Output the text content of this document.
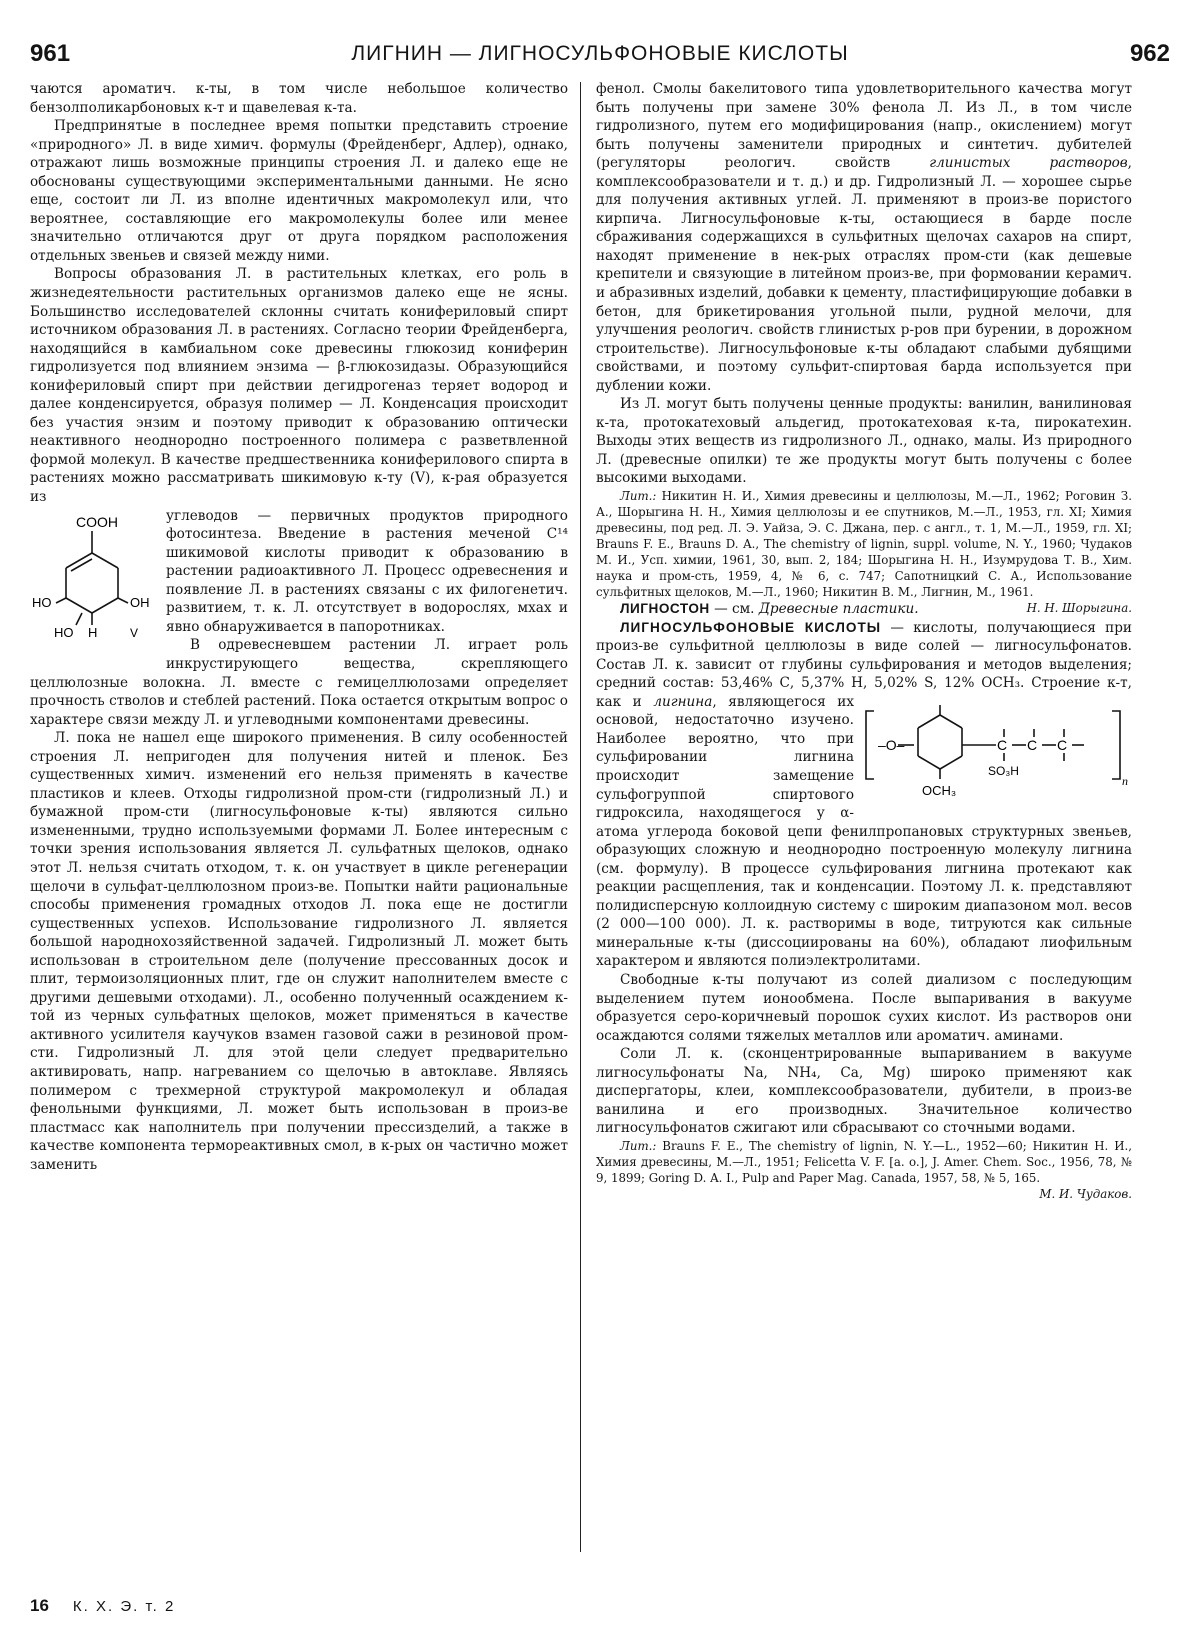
961	ЛИГНИН — ЛИГНОСУЛЬФОНОВЫЕ КИСЛОТЫ	962

чаются ароматич. к-ты, в том числе небольшое количество бензолполикарбоновых к-т и щавелевая к-та.

Предпринятые в последнее время попытки представить строение «природного» Л. в виде химич. формулы (Фрейденберг, Адлер), однако, отражают лишь возможные принципы строения Л. и далеко еще не обоснованы существующими экспериментальными данными. Не ясно еще, состоит ли Л. из вполне идентичных макромолекул или, что вероятнее, составляющие его макромолекулы более или менее значительно отличаются друг от друга порядком расположения отдельных звеньев и связей между ними.

Вопросы образования Л. в растительных клетках, его роль в жизнедеятельности растительных организмов далеко еще не ясны. Большинство исследователей склонны считать конифериловый спирт источником образования Л. в растениях. Согласно теории Фрейденберга, находящийся в камбиальном соке древесины глюкозид кониферин гидролизуется под влиянием энзима — β-глюкозидазы. Образующийся конифериловый спирт при действии дегидрогеназ теряет водород и далее конденсируется, образуя полимер — Л. Конденсация происходит без участия энзим и поэтому приводит к образованию оптически неактивного неоднородно построенного полимера с разветвленной формой молекул. В качестве предшественника кониферилового спирта в растениях можно рассматривать шикимовую к-ту (V), к-рая образуется из

COOH
HO	OH
HO H	V

углеводов — первичных продуктов природного фотосинтеза. Введение в растения меченой С¹⁴ шикимовой кислоты приводит к образованию в растении радиоактивного Л. Процесс одревеснения и появление Л. в растениях связаны с их филогенетич. развитием, т. к. Л. отсутствует в водорослях, мхах и явно обнаруживается в папоротниках.

В одревесневшем растении Л. играет роль инкрустирующего вещества, скрепляющего целлюлозные волокна. Л. вместе с гемицеллюлозами определяет прочность стволов и стеблей растений. Пока остается открытым вопрос о характере связи между Л. и углеводными компонентами древесины.

Л. пока не нашел еще широкого применения. В силу особенностей строения Л. непригоден для получения нитей и пленок. Без существенных химич. изменений его нельзя применять в качестве пластиков и клеев. Отходы гидролизной пром-сти (гидролизный Л.) и бумажной пром-сти (лигносульфоновые к-ты) являются сильно измененными, трудно используемыми формами Л. Более интересным с точки зрения использования является Л. сульфатных щелоков, однако этот Л. нельзя считать отходом, т. к. он участвует в цикле регенерации щелочи в сульфат-целлюлозном произ-ве. Попытки найти рациональные способы применения громадных отходов Л. пока еще не достигли существенных успехов. Использование гидролизного Л. является большой народнохозяйственной задачей. Гидролизный Л. может быть использован в строительном деле (получение прессованных досок и плит, термоизоляционных плит, где он служит наполнителем вместе с другими дешевыми отходами). Л., особенно полученный осаждением к-той из черных сульфатных щелоков, может применяться в качестве активного усилителя каучуков взамен газовой сажи в резиновой пром-сти. Гидролизный Л. для этой цели следует предварительно активировать, напр. нагреванием со щелочью в автоклаве. Являясь полимером с трехмерной структурой макромолекул и обладая фенольными функциями, Л. может быть использован в произ-ве пластмасс как наполнитель при получении прессизделий, а также в качестве компонента термореактивных смол, в к-рых он частично может заменить

фенол. Смолы бакелитового типа удовлетворительного качества могут быть получены при замене 30% фенола Л. Из Л., в том числе гидролизного, путем его модифицирования (напр., окислением) могут быть получены заменители природных и синтетич. дубителей (регуляторы реологич. свойств	глинистых растворов, комплексообразователи и т. д.) и др. Гидролизный Л. — хорошее сырье для получения активных углей. Л. применяют в произ-ве пористого кирпича. Лигносульфоновые к-ты, остающиеся в барде после сбраживания содержащихся в сульфитных щелочах сахаров на спирт, находят применение в нек-рых отраслях пром-сти (как дешевые крепители и связующие в литейном произ-ве, при формовании керамич. и абразивных изделий, добавки к цементу, пластифицирующие добавки в бетон, для брикетирования угольной пыли, рудной мелочи, для улучшения реологич. свойств глинистых р-ров при бурении, в дорожном строительстве). Лигносульфоновые к-ты обладают слабыми дубящими свойствами, и поэтому сульфит-спиртовая барда используется при дублении кожи.

Из Л. могут быть получены ценные продукты: ванилин, ванилиновая к-та, протокатеховый альдегид, протокатеховая к-та, пирокатехин. Выходы этих веществ из гидролизного Л., однако, малы. Из природного Л. (древесные опилки) те же продукты могут быть получены с более высокими выходами.

Лит.: Никитин Н. И., Химия древесины и целлюлозы, М.—Л., 1962; Роговин З. А., Шорыгина Н. Н., Химия целлюлозы и ее спутников, М.—Л., 1953, гл. XI; Химия древесины, под ред. Л. Э. Уайза, Э. С. Джана, пер. с англ., т. 1, М.—Л., 1959, гл. XI; Brauns F. E., Brauns D. A., The chemistry of lignin, suppl. volume, N. Y., 1960; Чудаков М. И., Усп. химии, 1961, 30, вып. 2, 184; Шорыгина Н. Н., Изумрудова Т. В., Хим. наука и пром-сть, 1959, 4, № 6, с. 747; Сапотницкий С. А., Использование сульфитных щелоков, М.—Л., 1960; Никитин В. М., Лигнин, М., 1961.
Н. Н. Шорыгина.

ЛИГНОСТОН — см. Древесные пластики.

ЛИГНОСУЛЬФОНОВЫЕ КИСЛОТЫ — кислоты, получающиеся при произ-ве сульфитной целлюлозы в виде солей — лигносульфонатов. Состав Л. к. зависит от глубины сульфирования и методов выделения; средний состав: 53,46% С, 5,37% Н, 5,02% S, 12% OCH₃. Строение к-т, как и лигнина
–O–	C C C
SO₃H
OCH₃
n
, являющегося их основой, недостаточно изучено. Наиболее вероятно, что при сульфировании лигнина происходит замещение сульфогруппой спиртового гидроксила, находящегося у α-атома углерода боковой цепи фенилпропановых структурных звеньев, образующих сложную и неоднородно построенную молекулу лигнина (см. формулу). В процессе сульфирования лигнина протекают как реакции расщепления, так и конденсации. Поэтому Л. к. представляют полидисперсную коллоидную систему с широким диапазоном мол. весов (2 000—100 000). Л. к. растворимы в воде, титруются как сильные минеральные к-ты (диссоциированы на 60%), обладают лиофильным характером и являются полиэлектролитами.

Свободные к-ты получают из солей диализом с последующим выделением путем ионообмена. После выпаривания в вакууме образуется серо-коричневый порошок сухих кислот. Из растворов они осаждаются солями тяжелых металлов или ароматич. аминами.

Соли Л. к. (сконцентрированные выпариванием в вакууме лигносульфонаты Na, NH₄, Ca, Mg) широко применяют как диспергаторы, клеи, комплексообразователи, дубители, в произ-ве ванилина и его производных. Значительное количество лигносульфонатов сжигают или сбрасывают со сточными водами.

Лит.: Brauns F. E., The chemistry of lignin, N. Y.—L., 1952—60; Никитин Н. И., Химия древесины, М.—Л., 1951; Felicetta V. F. [a. o.], J. Amer. Chem. Soc., 1956, 78, № 9, 1899; Goring D. A. I., Pulp and Paper Mag. Canada, 1957, 58, № 5, 165.
М. И. Чудаков.

16 К. Х. Э. т. 2
